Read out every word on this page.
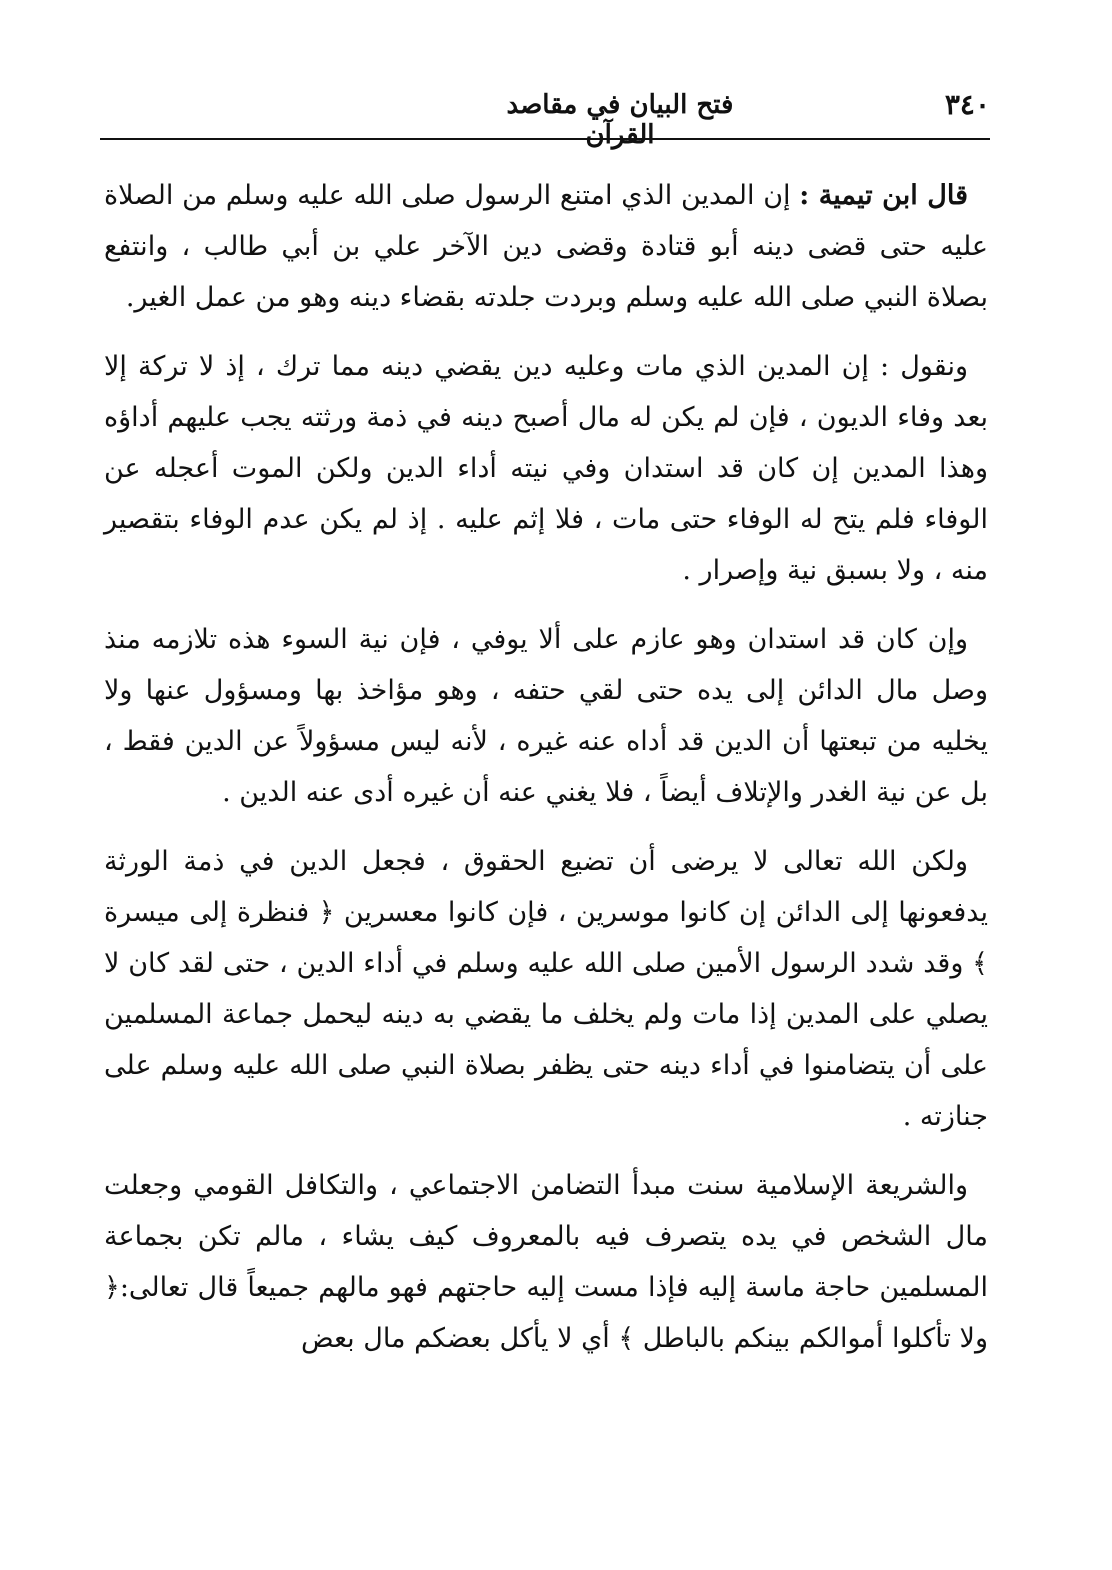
٣٤٠
فتح البيان في مقاصد القرآن

قال ابن تيمية : إن المدين الذي امتنع الرسول صلى الله عليه وسلم من الصلاة عليه حتى قضى دينه أبو قتادة وقضى دين الآخر علي بن أبي طالب ، وانتفع بصلاة النبي صلى الله عليه وسلم وبردت جلدته بقضاء دينه وهو من عمل الغير.

ونقول : إن المدين الذي مات وعليه دين يقضي دينه مما ترك ، إذ لا تركة إلا بعد وفاء الديون ، فإن لم يكن له مال أصبح دينه في ذمة ورثته يجب عليهم أداؤه وهذا المدين إن كان قد استدان وفي نيته أداء الدين ولكن الموت أعجله عن الوفاء فلم يتح له الوفاء حتى مات ، فلا إثم عليه . إذ لم يكن عدم الوفاء بتقصير منه ، ولا بسبق نية وإصرار .

وإن كان قد استدان وهو عازم على ألا يوفي ، فإن نية السوء هذه تلازمه منذ وصل مال الدائن إلى يده حتى لقي حتفه ، وهو مؤاخذ بها ومسؤول عنها ولا يخليه من تبعتها أن الدين قد أداه عنه غيره ، لأنه ليس مسؤولاً عن الدين فقط ، بل عن نية الغدر والإتلاف أيضاً ، فلا يغني عنه أن غيره أدى عنه الدين .

ولكن الله تعالى لا يرضى أن تضيع الحقوق ، فجعل الدين في ذمة الورثة يدفعونها إلى الدائن إن كانوا موسرين ، فإن كانوا معسرين ﴿ فنظرة إلى ميسرة ﴾ وقد شدد الرسول الأمين صلى الله عليه وسلم في أداء الدين ، حتى لقد كان لا يصلي على المدين إذا مات ولم يخلف ما يقضي به دينه ليحمل جماعة المسلمين على أن يتضامنوا في أداء دينه حتى يظفر بصلاة النبي صلى الله عليه وسلم على جنازته .

والشريعة الإسلامية سنت مبدأ التضامن الاجتماعي ، والتكافل القومي وجعلت مال الشخص في يده يتصرف فيه بالمعروف كيف يشاء ، مالم تكن بجماعة المسلمين حاجة ماسة إليه فإذا مست إليه حاجتهم فهو مالهم جميعاً قال تعالى:﴿ ولا تأكلوا أموالكم بينكم بالباطل ﴾ أي لا يأكل بعضكم مال بعض
